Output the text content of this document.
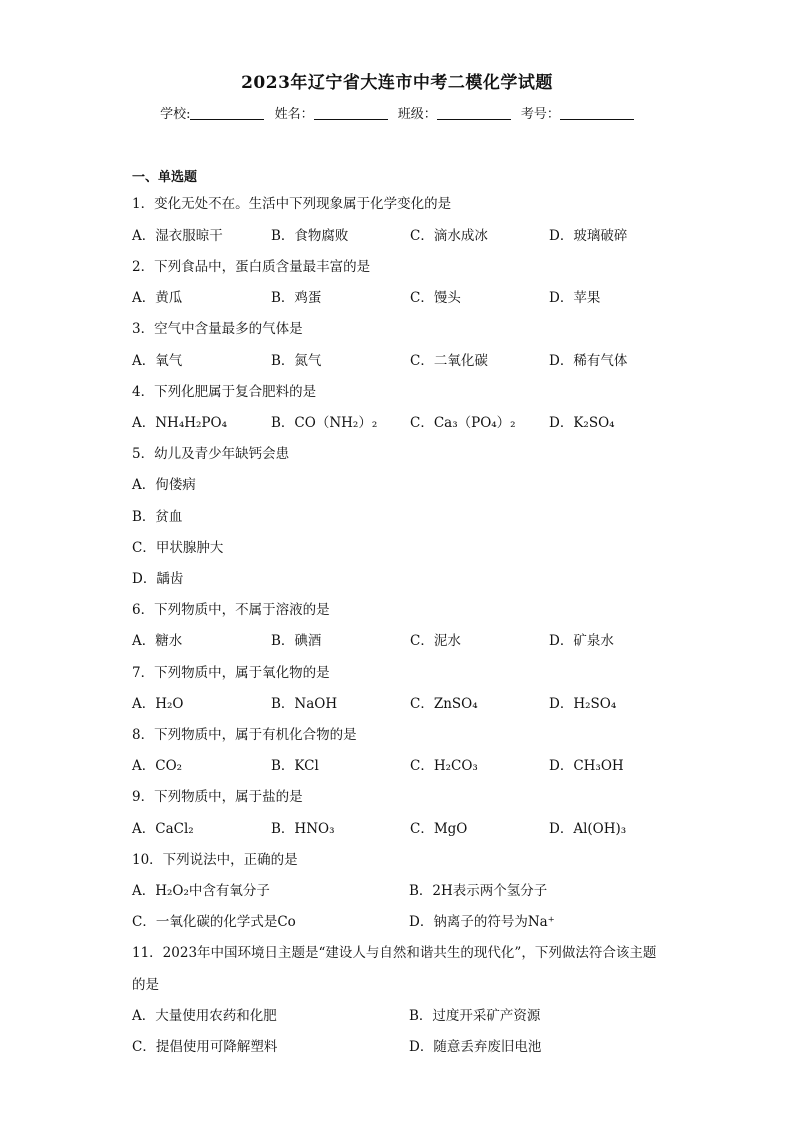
2023年辽宁省大连市中考二模化学试题
学校:	姓名：	班级：	考号：
一、单选题
1．变化无处不在。生活中下列现象属于化学变化的是
A．湿衣服晾干	B．食物腐败	C．滴水成冰	D．玻璃破碎
2．下列食品中，蛋白质含量最丰富的是
A．黄瓜	B．鸡蛋	C．馒头	D．苹果
3．空气中含量最多的气体是
A．氧气	B．氮气	C．二氧化碳	D．稀有气体
4．下列化肥属于复合肥料的是
A．NH₄H₂PO₄	B．CO（NH₂）₂ C．Ca₃（PO₄）₂ D．K₂SO₄
5．幼儿及青少年缺钙会患
A．佝偻病
B．贫血
C．甲状腺肿大
D．龋齿
6．下列物质中，不属于溶液的是
A．糖水	B．碘酒	C．泥水	D．矿泉水
7．下列物质中，属于氧化物的是
A．H₂O	B．NaOH	C．ZnSO₄	D．H₂SO₄
8．下列物质中，属于有机化合物的是
A．CO₂	B．KCl	C．H₂CO₃	D．CH₃OH
9．下列物质中，属于盐的是
A．CaCl₂	B．HNO₃	C．MgO	D．Al(OH)₃
10．下列说法中，正确的是
A．H₂O₂中含有氧分子	B．2H表示两个氢分子
C．一氧化碳的化学式是Co	D．钠离子的符号为Na⁺
11．2023年中国环境日主题是“建设人与自然和谐共生的现代化”，下列做法符合该主题
的是
A．大量使用农药和化肥	B．过度开采矿产资源
C．提倡使用可降解塑料	D．随意丢弃废旧电池
